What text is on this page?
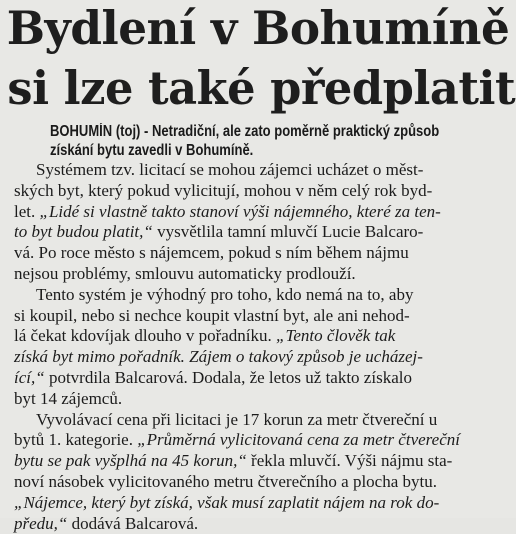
Bydlení v Bohumíně
si lze také předplatit
BOHUMÍN (toj) - Netradiční, ale zato poměrně praktický způsob
získání bytu zavedli v Bohumíně.
Systémem tzv. licitací se mohou zájemci ucházet o měst-
ských byt, který pokud vylicitují, mohou v něm celý rok byd-
let. „Lidé si vlastně takto stanoví výši nájemného, které za ten-
to byt budou platit,“ vysvětlila tamní mluvčí Lucie Balcaro-
vá. Po roce město s nájemcem, pokud s ním během nájmu
nejsou problémy, smlouvu automaticky prodlouží.
Tento systém je výhodný pro toho, kdo nemá na to, aby
si koupil, nebo si nechce koupit vlastní byt, ale ani nehod-
lá čekat kdovíjak dlouho v pořadníku. „Tento člověk tak
získá byt mimo pořadník. Zájem o takový způsob je ucházej-
ící,“ potvrdila Balcarová. Dodala, že letos už takto získalo
byt 14 zájemců.
Vyvolávací cena při licitaci je 17 korun za metr čtvereční u
bytů 1. kategorie. „Průměrná vylicitovaná cena za metr čtvereční
bytu se pak vyšplhá na 45 korun,“ řekla mluvčí. Výši nájmu sta-
noví násobek vylicitovaného metru čtverečního a plocha bytu.
„Nájemce, který byt získá, však musí zaplatit nájem na rok do-
předu,“ dodává Balcarová.
